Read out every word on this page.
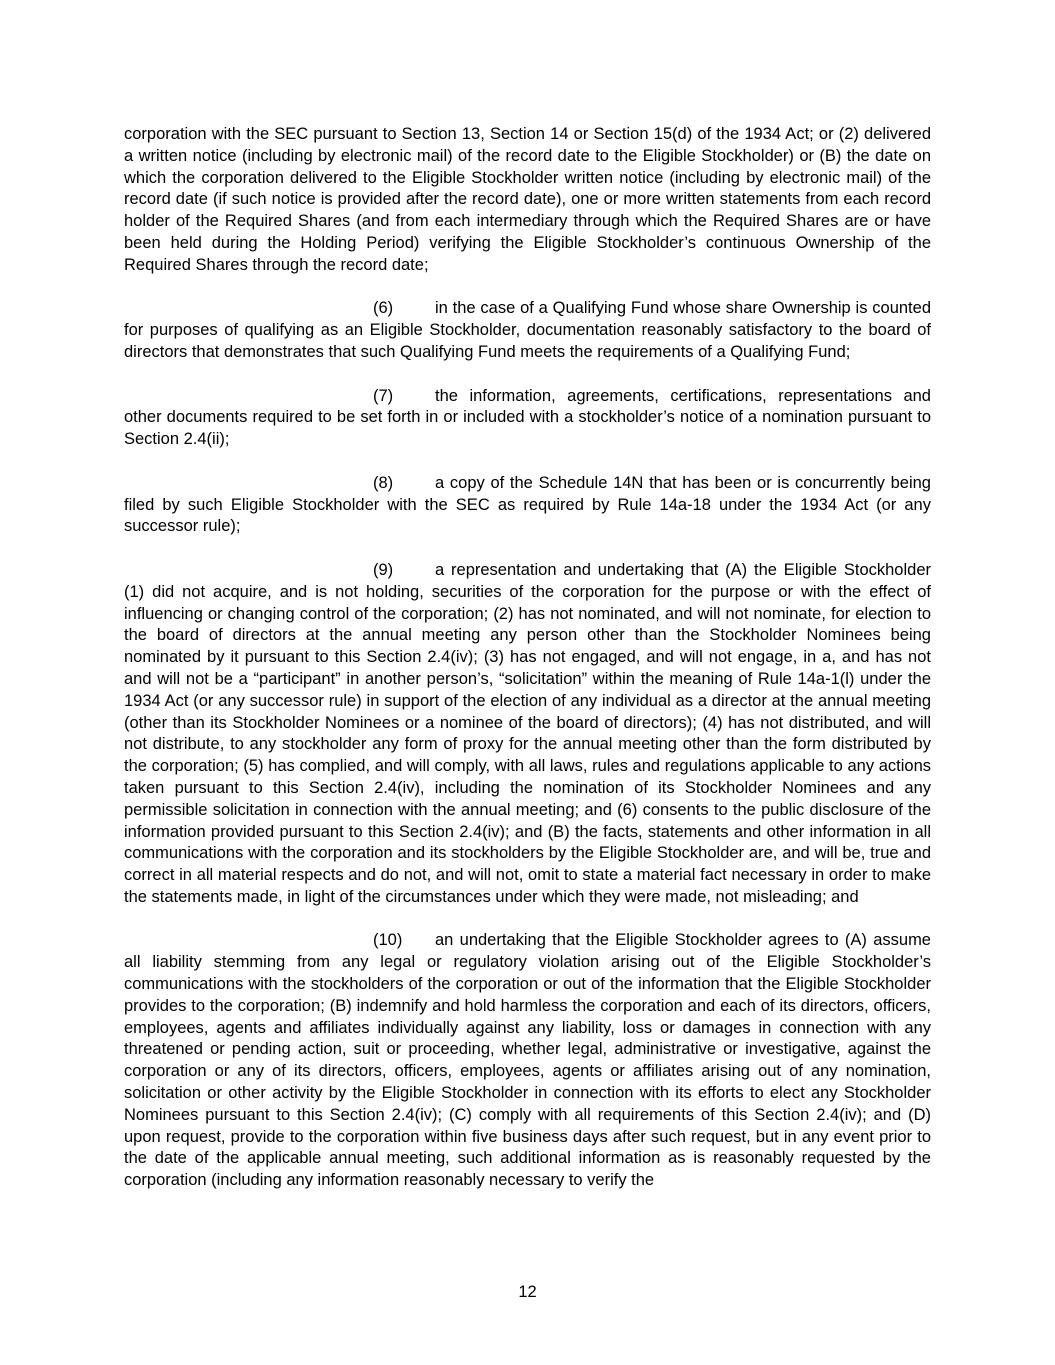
corporation with the SEC pursuant to Section 13, Section 14 or Section 15(d) of the 1934 Act; or (2) delivered a written notice (including by electronic mail) of the record date to the Eligible Stockholder) or (B) the date on which the corporation delivered to the Eligible Stockholder written notice (including by electronic mail) of the record date (if such notice is provided after the record date), one or more written statements from each record holder of the Required Shares (and from each intermediary through which the Required Shares are or have been held during the Holding Period) verifying the Eligible Stockholder’s continuous Ownership of the Required Shares through the record date;

(6)	in the case of a Qualifying Fund whose share Ownership is counted for purposes of qualifying as an Eligible Stockholder, documentation reasonably satisfactory to the board of directors that demonstrates that such Qualifying Fund meets the requirements of a Qualifying Fund;

(7)	the information, agreements, certifications, representations and other documents required to be set forth in or included with a stockholder’s notice of a nomination pursuant to Section 2.4(ii);

(8)	a copy of the Schedule 14N that has been or is concurrently being filed by such Eligible Stockholder with the SEC as required by Rule 14a-18 under the 1934 Act (or any successor rule);

(9)	a representation and undertaking that (A) the Eligible Stockholder (1) did not acquire, and is not holding, securities of the corporation for the purpose or with the effect of influencing or changing control of the corporation; (2) has not nominated, and will not nominate, for election to the board of directors at the annual meeting any person other than the Stockholder Nominees being nominated by it pursuant to this Section 2.4(iv); (3) has not engaged, and will not engage, in a, and has not and will not be a “participant” in another person’s, “solicitation” within the meaning of Rule 14a-1(l) under the 1934 Act (or any successor rule) in support of the election of any individual as a director at the annual meeting (other than its Stockholder Nominees or a nominee of the board of directors); (4) has not distributed, and will not distribute, to any stockholder any form of proxy for the annual meeting other than the form distributed by the corporation; (5) has complied, and will comply, with all laws, rules and regulations applicable to any actions taken pursuant to this Section 2.4(iv), including the nomination of its Stockholder Nominees and any permissible solicitation in connection with the annual meeting; and (6) consents to the public disclosure of the information provided pursuant to this Section 2.4(iv); and (B) the facts, statements and other information in all communications with the corporation and its stockholders by the Eligible Stockholder are, and will be, true and correct in all material respects and do not, and will not, omit to state a material fact necessary in order to make the statements made, in light of the circumstances under which they were made, not misleading; and

(10) an undertaking that the Eligible Stockholder agrees to (A) assume all liability stemming from any legal or regulatory violation arising out of the Eligible Stockholder’s communications with the stockholders of the corporation or out of the information that the Eligible Stockholder provides to the corporation; (B) indemnify and hold harmless the corporation and each of its directors, officers, employees, agents and affiliates individually against any liability, loss or damages in connection with any threatened or pending action, suit or proceeding, whether legal, administrative or investigative, against the corporation or any of its directors, officers, employees, agents or affiliates arising out of any nomination, solicitation or other activity by the Eligible Stockholder in connection with its efforts to elect any Stockholder Nominees pursuant to this Section 2.4(iv); (C) comply with all requirements of this Section 2.4(iv); and (D) upon request, provide to the corporation within five business days after such request, but in any event prior to the date of the applicable annual meeting, such additional information as is reasonably requested by the corporation (including any information reasonably necessary to verify the

12
